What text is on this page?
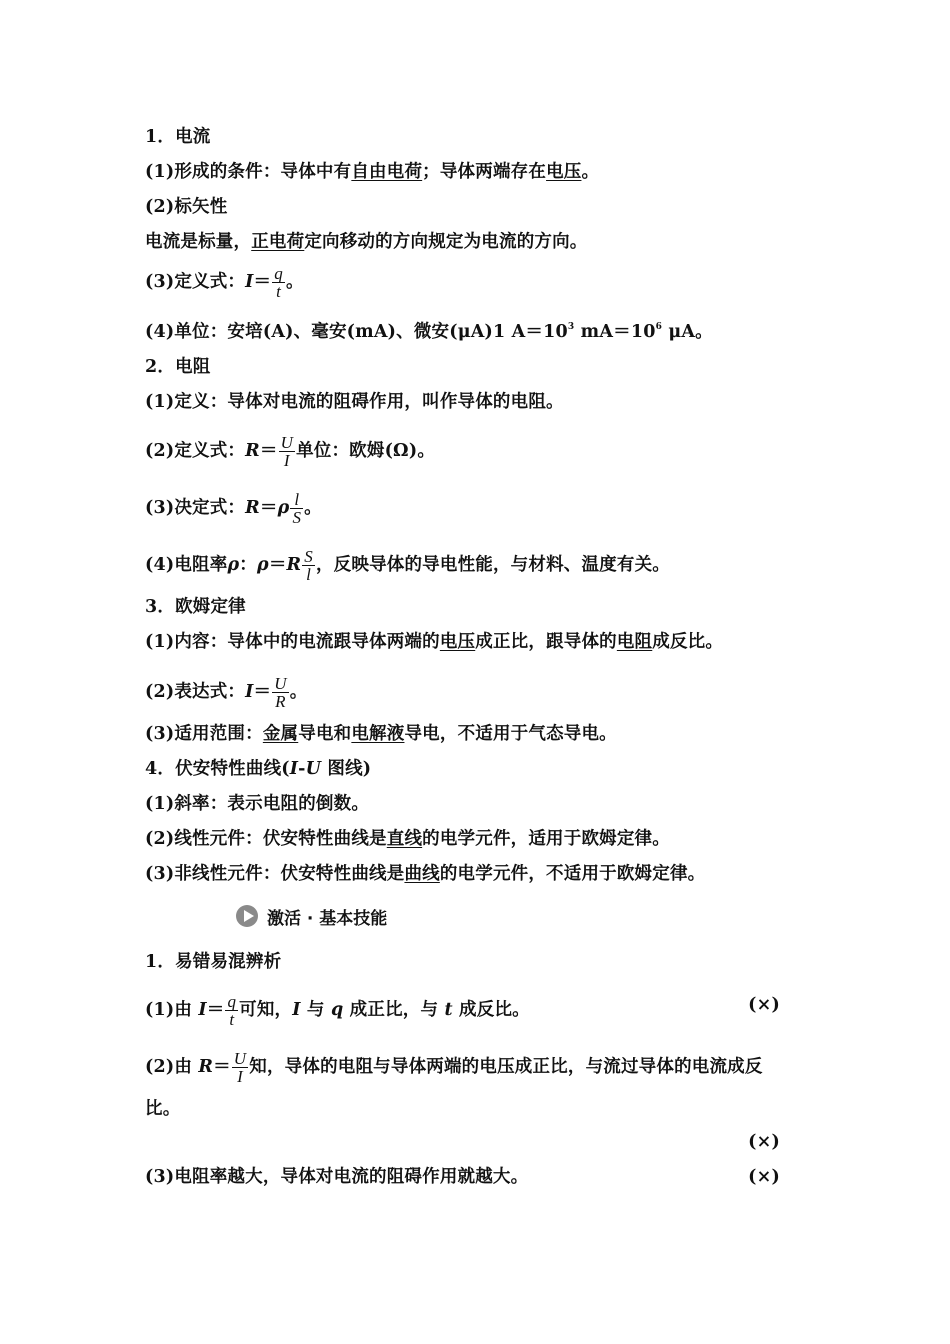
1．电流
(1)形成的条件：导体中有自由电荷；导体两端存在电压。
(2)标矢性
电流是标量，正电荷定向移动的方向规定为电流的方向。
(3)定义式：$I= \frac{q}{t}$ 。
(4)单位：安培(A)、毫安(mA)、微安(μA)1 $A=10^3$ $mA=10^6$ μA。
2．电阻
(1)定义：导体对电流的阻碍作用，叫作导体的电阻。
(2)定义式：$R= \frac{U}{I}$ 单位：欧姆(Ω)。
(3)决定式：$R=\rho \frac{l}{S}$ 。
(4)电阻率ρ：$\rho=R \frac{S}{l}$ ，反映导体的导电性能，与材料、温度有关。
3．欧姆定律
(1)内容：导体中的电流跟导体两端的电压成正比，跟导体的电阻成反比。
(2)表达式：$I= \frac{U}{R}$ 。
(3)适用范围：金属导电和电解液导电，不适用于气态导电。
4．伏安特性曲线(I-U 图线)
(1)斜率：表示电阻的倒数。
(2)线性元件：伏安特性曲线是直线的电学元件，适用于欧姆定律。
(3)非线性元件：伏安特性曲线是曲线的电学元件，不适用于欧姆定律。
1．易错易混辨析
(1)由 $I= \frac{q}{t}$ 可知，I 与 q 成正比，与 t 成反比。	(×)
(2)由 $R= \frac{U}{I}$ 知，导体的电阻与导体两端的电压成正比，与流过导体的电流成反
比。
(×)
(3)电阻率越大，导体对电流的阻碍作用就越大。	(×)
激活 · 基本技能
